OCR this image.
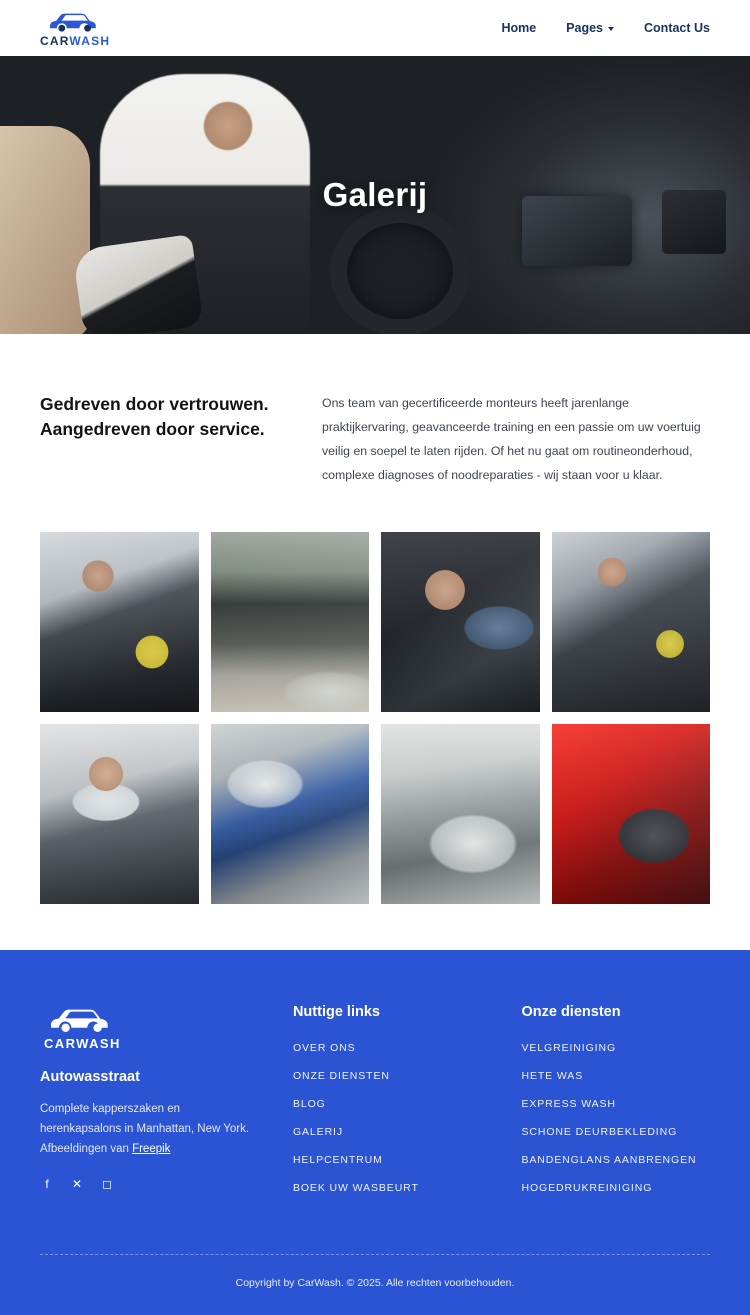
CARWASH
Home Pages	Contact Us
Galerij
Gedreven door vertrouwen. Aangedreven door service.
Ons team van gecertificeerde monteurs heeft jarenlange praktijkervaring, geavanceerde training en een passie om uw voertuig veilig en soepel te laten rijden. Of het nu gaat om routineonderhoud, complexe diagnoses of noodreparaties - wij staan voor u klaar.
CARWASH
Autowasstraat
Complete kapperszaken en herenkapsalons in Manhattan, New York. Afbeeldingen van Freepik
f	✕ ◻
Nuttige links
OVER ONS
ONZE DIENSTEN
BLOG
GALERIJ
HELPCENTRUM
BOEK UW WASBEURT
Onze diensten
VELGREINIGING
HETE WAS
EXPRESS WASH
SCHONE DEURBEKLEDING
BANDENGLANS AANBRENGEN
HOGEDRUKREINIGING
Copyright by CarWash. © 2025. Alle rechten voorbehouden.
